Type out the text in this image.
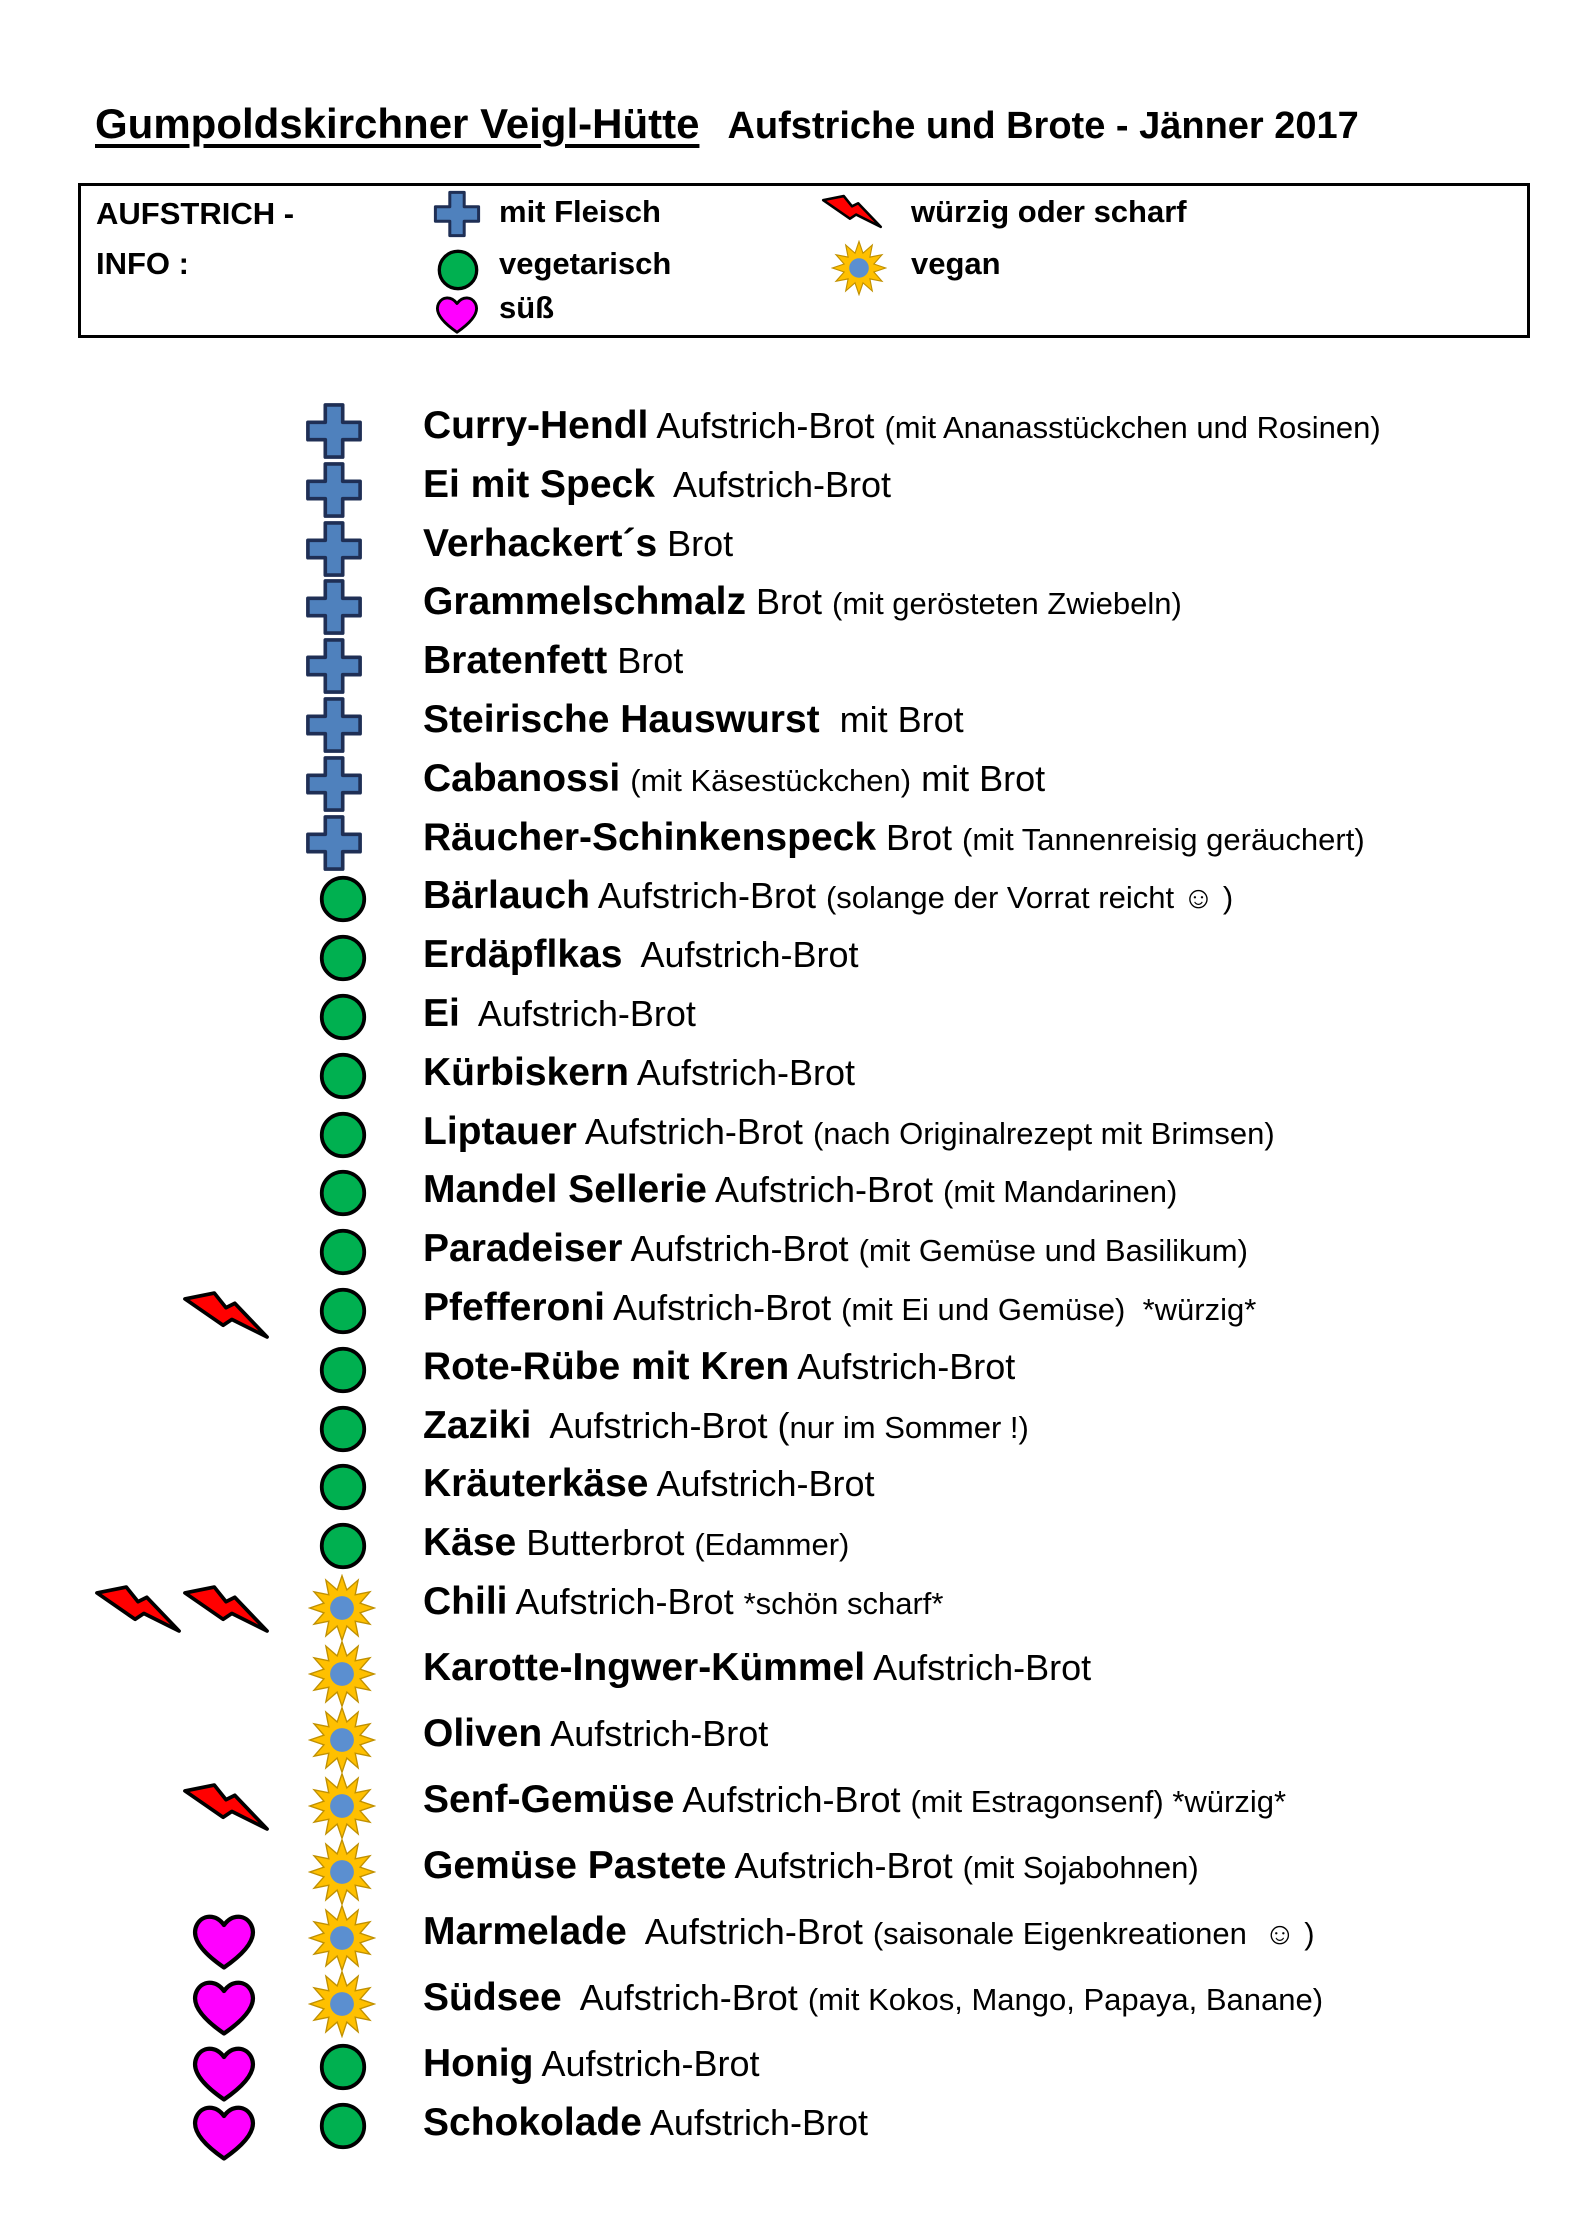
Gumpoldskirchner Veigl-Hütte Aufstriche und Brote - Jänner 2017
AUFSTRICH -
INFO :
mit Fleisch
vegetarisch
süß
würzig oder scharf
vegan
Curry-Hendl Aufstrich-Brot (mit Ananasstückchen und Rosinen)
Ei mit Speck  Aufstrich-Brot
Verhackert´s Brot
Grammelschmalz Brot (mit gerösteten Zwiebeln)
Bratenfett Brot
Steirische Hauswurst  mit Brot
Cabanossi (mit Käsestückchen) mit Brot
Räucher-Schinkenspeck Brot (mit Tannenreisig geräuchert)
Bärlauch Aufstrich-Brot (solange der Vorrat reicht ☺ )
Erdäpflkas  Aufstrich-Brot
Ei  Aufstrich-Brot
Kürbiskern Aufstrich-Brot
Liptauer Aufstrich-Brot (nach Originalrezept mit Brimsen)
Mandel Sellerie Aufstrich-Brot (mit Mandarinen)
Paradeiser Aufstrich-Brot (mit Gemüse und Basilikum)
Pfefferoni Aufstrich-Brot (mit Ei und Gemüse)  *würzig*
Rote-Rübe mit Kren Aufstrich-Brot
Zaziki  Aufstrich-Brot (nur im Sommer !)
Kräuterkäse Aufstrich-Brot
Käse Butterbrot (Edammer)
Chili Aufstrich-Brot *schön scharf*
Karotte-Ingwer-Kümmel Aufstrich-Brot
Oliven Aufstrich-Brot
Senf-Gemüse Aufstrich-Brot (mit Estragonsenf) *würzig*
Gemüse Pastete Aufstrich-Brot (mit Sojabohnen)
Marmelade  Aufstrich-Brot (saisonale Eigenkreationen  ☺ )
Südsee  Aufstrich-Brot (mit Kokos, Mango, Papaya, Banane)
Honig Aufstrich-Brot
Schokolade Aufstrich-Brot
